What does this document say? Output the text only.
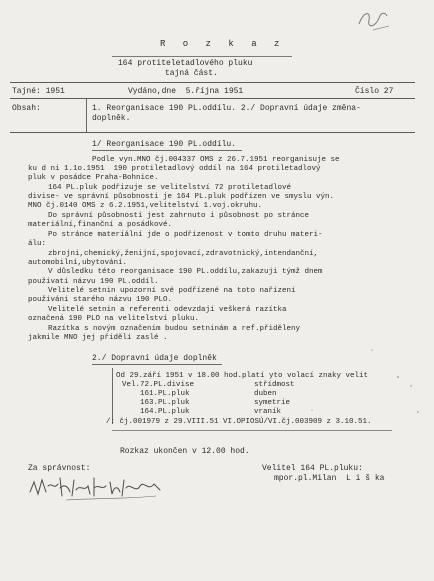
R o z k a z
164 protiteletadlového pluku
tajná část.
Tajné: 1951	Vydáno,dne  5.října 1951	Číslo 27
Obsah:	1. Reorganisace 190 PL.oddílu. 2./ Dopravní údaje změna-
doplněk.
1/ Reorganisace 190 PL.oddílu.
Podle vyn.MNO čj.004337 OMS z 26.7.1951 reorganisuje se
ku d ni 1.1o.1951  190 protiletadlový oddíl na 164 protiletadlový
pluk v posádce Praha-Bohnice.
164 PL.pluk podřizuje se velitelství 72 protiletadlové
divise- ve správní působnosti je 164 PL.pluk podřízen ve smyslu výn.
MNO čj.0140 OMS z 6.2.1951,velitelství 1.voj.okruhu.
Do správní působnosti jest zahrnuto i působnost po stránce
materiální,finanční a posádkové.
Po stránce materiální jde o podřízenost v tomto druhu materi-
álu:
zbrojní,chemický,ženijní,spojovací,zdravotnický,intendanční,
automobilní,ubytování.
V důsledku této reorganisace 190 PL.oddílu,zakazuji týmž dnem
používati názvu 190 PL.oddíl.
Velitelé setnin upozorní své podřízené na toto nařízení
používání starého názvu 190 PLO.
Velitelé setnin a referenti odevzdají veškerá razítka
označená 190 PLO na velitelství pluku.
Razítka s novým označením budou setninám a ref.přiděleny
jakmile MNO jej přidělí zaslé .
2./ Dopravní údaje doplněk
Od 29.září 1951 v 18.00 hod.platí yto volací znaky velit
Vel.72.PL.divise	střídmost
161.PL.pluk	duben
163.PL.pluk	symetrie
164.PL.pluk	vraník
/: čj.001979 z 29.VIII.51 VI.OPIOSÚ/VI.čj.003909 z 3.10.51.
Rozkaz ukončen v 12.00 hod.
Za správnost:	Velitel 164 PL.pluku:
mpor.pl.Milan  L i š ka
